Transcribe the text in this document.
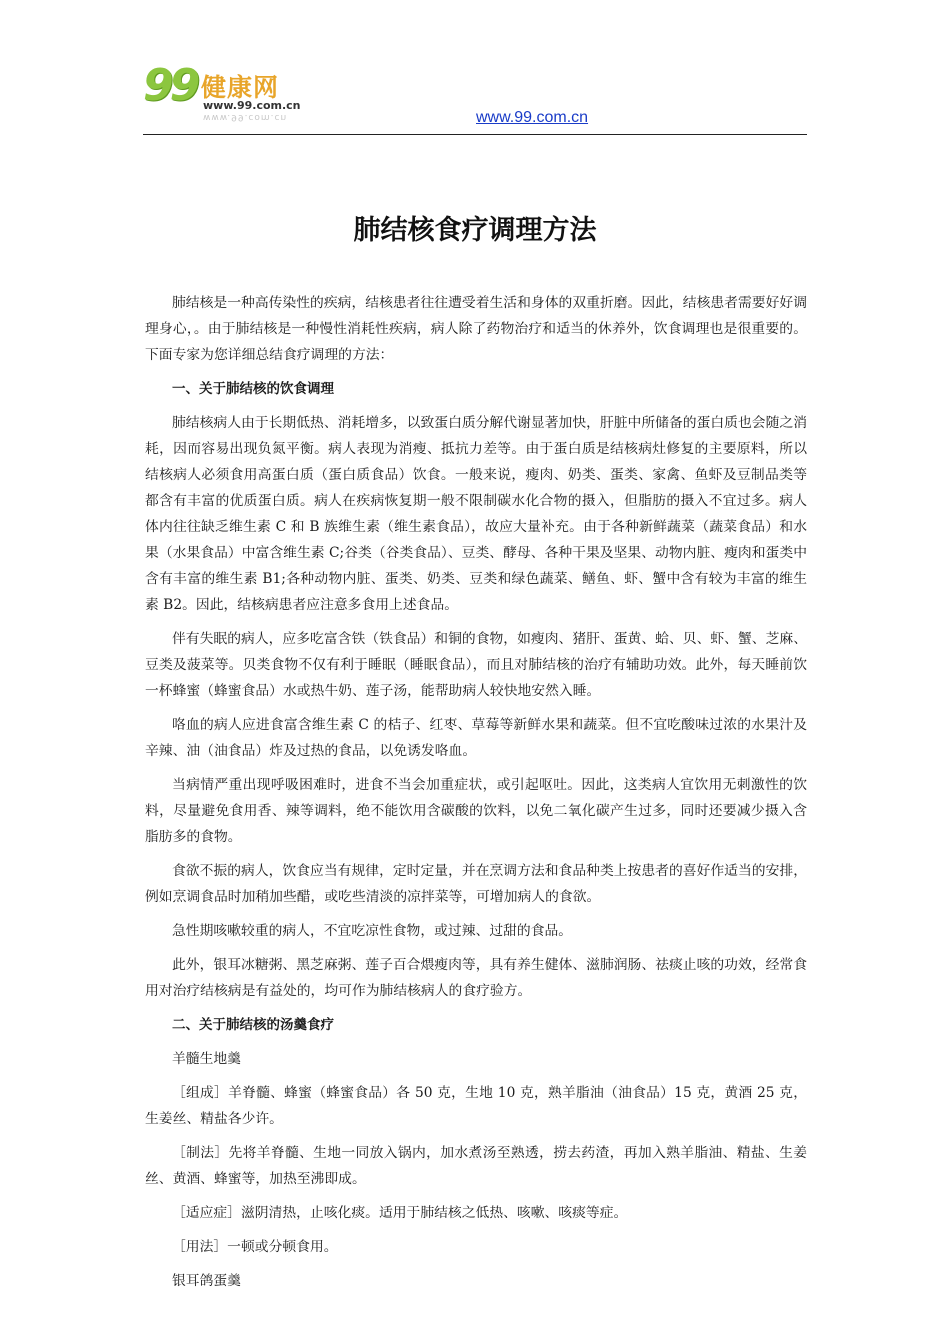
99 健康网
www.99.com.cn
www.99.com.cn	www.99.com.cn
肺结核食疗调理方法

肺结核是一种高传染性的疾病，结核患者往往遭受着生活和身体的双重折磨。因此，结核患者需要好好调理身心，。由于肺结核是一种慢性消耗性疾病，病人除了药物治疗和适当的休养外，饮食调理也是很重要的。下面专家为您详细总结食疗调理的方法：

一、关于肺结核的饮食调理

肺结核病人由于长期低热、消耗增多，以致蛋白质分解代谢显著加快，肝脏中所储备的蛋白质也会随之消耗，因而容易出现负氮平衡。病人表现为消瘦、抵抗力差等。由于蛋白质是结核病灶修复的主要原料，所以结核病人必须食用高蛋白质（蛋白质食品）饮食。一般来说，瘦肉、奶类、蛋类、家禽、鱼虾及豆制品类等都含有丰富的优质蛋白质。病人在疾病恢复期一般不限制碳水化合物的摄入，但脂肪的摄入不宜过多。病人体内往往缺乏维生素 C 和 B 族维生素（维生素食品），故应大量补充。由于各种新鲜蔬菜（蔬菜食品）和水果（水果食品）中富含维生素 C;谷类（谷类食品）、豆类、酵母、各种干果及坚果、动物内脏、瘦肉和蛋类中含有丰富的维生素 B1;各种动物内脏、蛋类、奶类、豆类和绿色蔬菜、鳝鱼、虾、蟹中含有较为丰富的维生素 B2。因此，结核病患者应注意多食用上述食品。

伴有失眠的病人，应多吃富含铁（铁食品）和铜的食物，如瘦肉、猪肝、蛋黄、蛤、贝、虾、蟹、芝麻、豆类及菠菜等。贝类食物不仅有利于睡眠（睡眠食品），而且对肺结核的治疗有辅助功效。此外，每天睡前饮一杯蜂蜜（蜂蜜食品）水或热牛奶、莲子汤，能帮助病人较快地安然入睡。

咯血的病人应进食富含维生素 C 的桔子、红枣、草莓等新鲜水果和蔬菜。但不宜吃酸味过浓的水果汁及辛辣、油（油食品）炸及过热的食品，以免诱发咯血。

当病情严重出现呼吸困难时，进食不当会加重症状，或引起呕吐。因此，这类病人宜饮用无刺激性的饮料，尽量避免食用香、辣等调料，绝不能饮用含碳酸的饮料，以免二氧化碳产生过多，同时还要减少摄入含脂肪多的食物。

食欲不振的病人，饮食应当有规律，定时定量，并在烹调方法和食品种类上按患者的喜好作适当的安排，例如烹调食品时加稍加些醋，或吃些清淡的凉拌菜等，可增加病人的食欲。

急性期咳嗽较重的病人，不宜吃凉性食物，或过辣、过甜的食品。

此外，银耳冰糖粥、黑芝麻粥、莲子百合煨瘦肉等，具有养生健体、滋肺润肠、祛痰止咳的功效，经常食用对治疗结核病是有益处的，均可作为肺结核病人的食疗验方。

二、关于肺结核的汤羹食疗

羊髓生地羹

［组成］羊脊髓、蜂蜜（蜂蜜食品）各 50 克，生地 10 克，熟羊脂油（油食品）15 克，黄酒 25 克，生姜丝、精盐各少许。

［制法］先将羊脊髓、生地一同放入锅内，加水煮汤至熟透，捞去药渣，再加入熟羊脂油、精盐、生姜丝、黄酒、蜂蜜等，加热至沸即成。

［适应症］滋阴清热，止咳化痰。适用于肺结核之低热、咳嗽、咳痰等症。

［用法］一顿或分顿食用。

银耳鸽蛋羹
